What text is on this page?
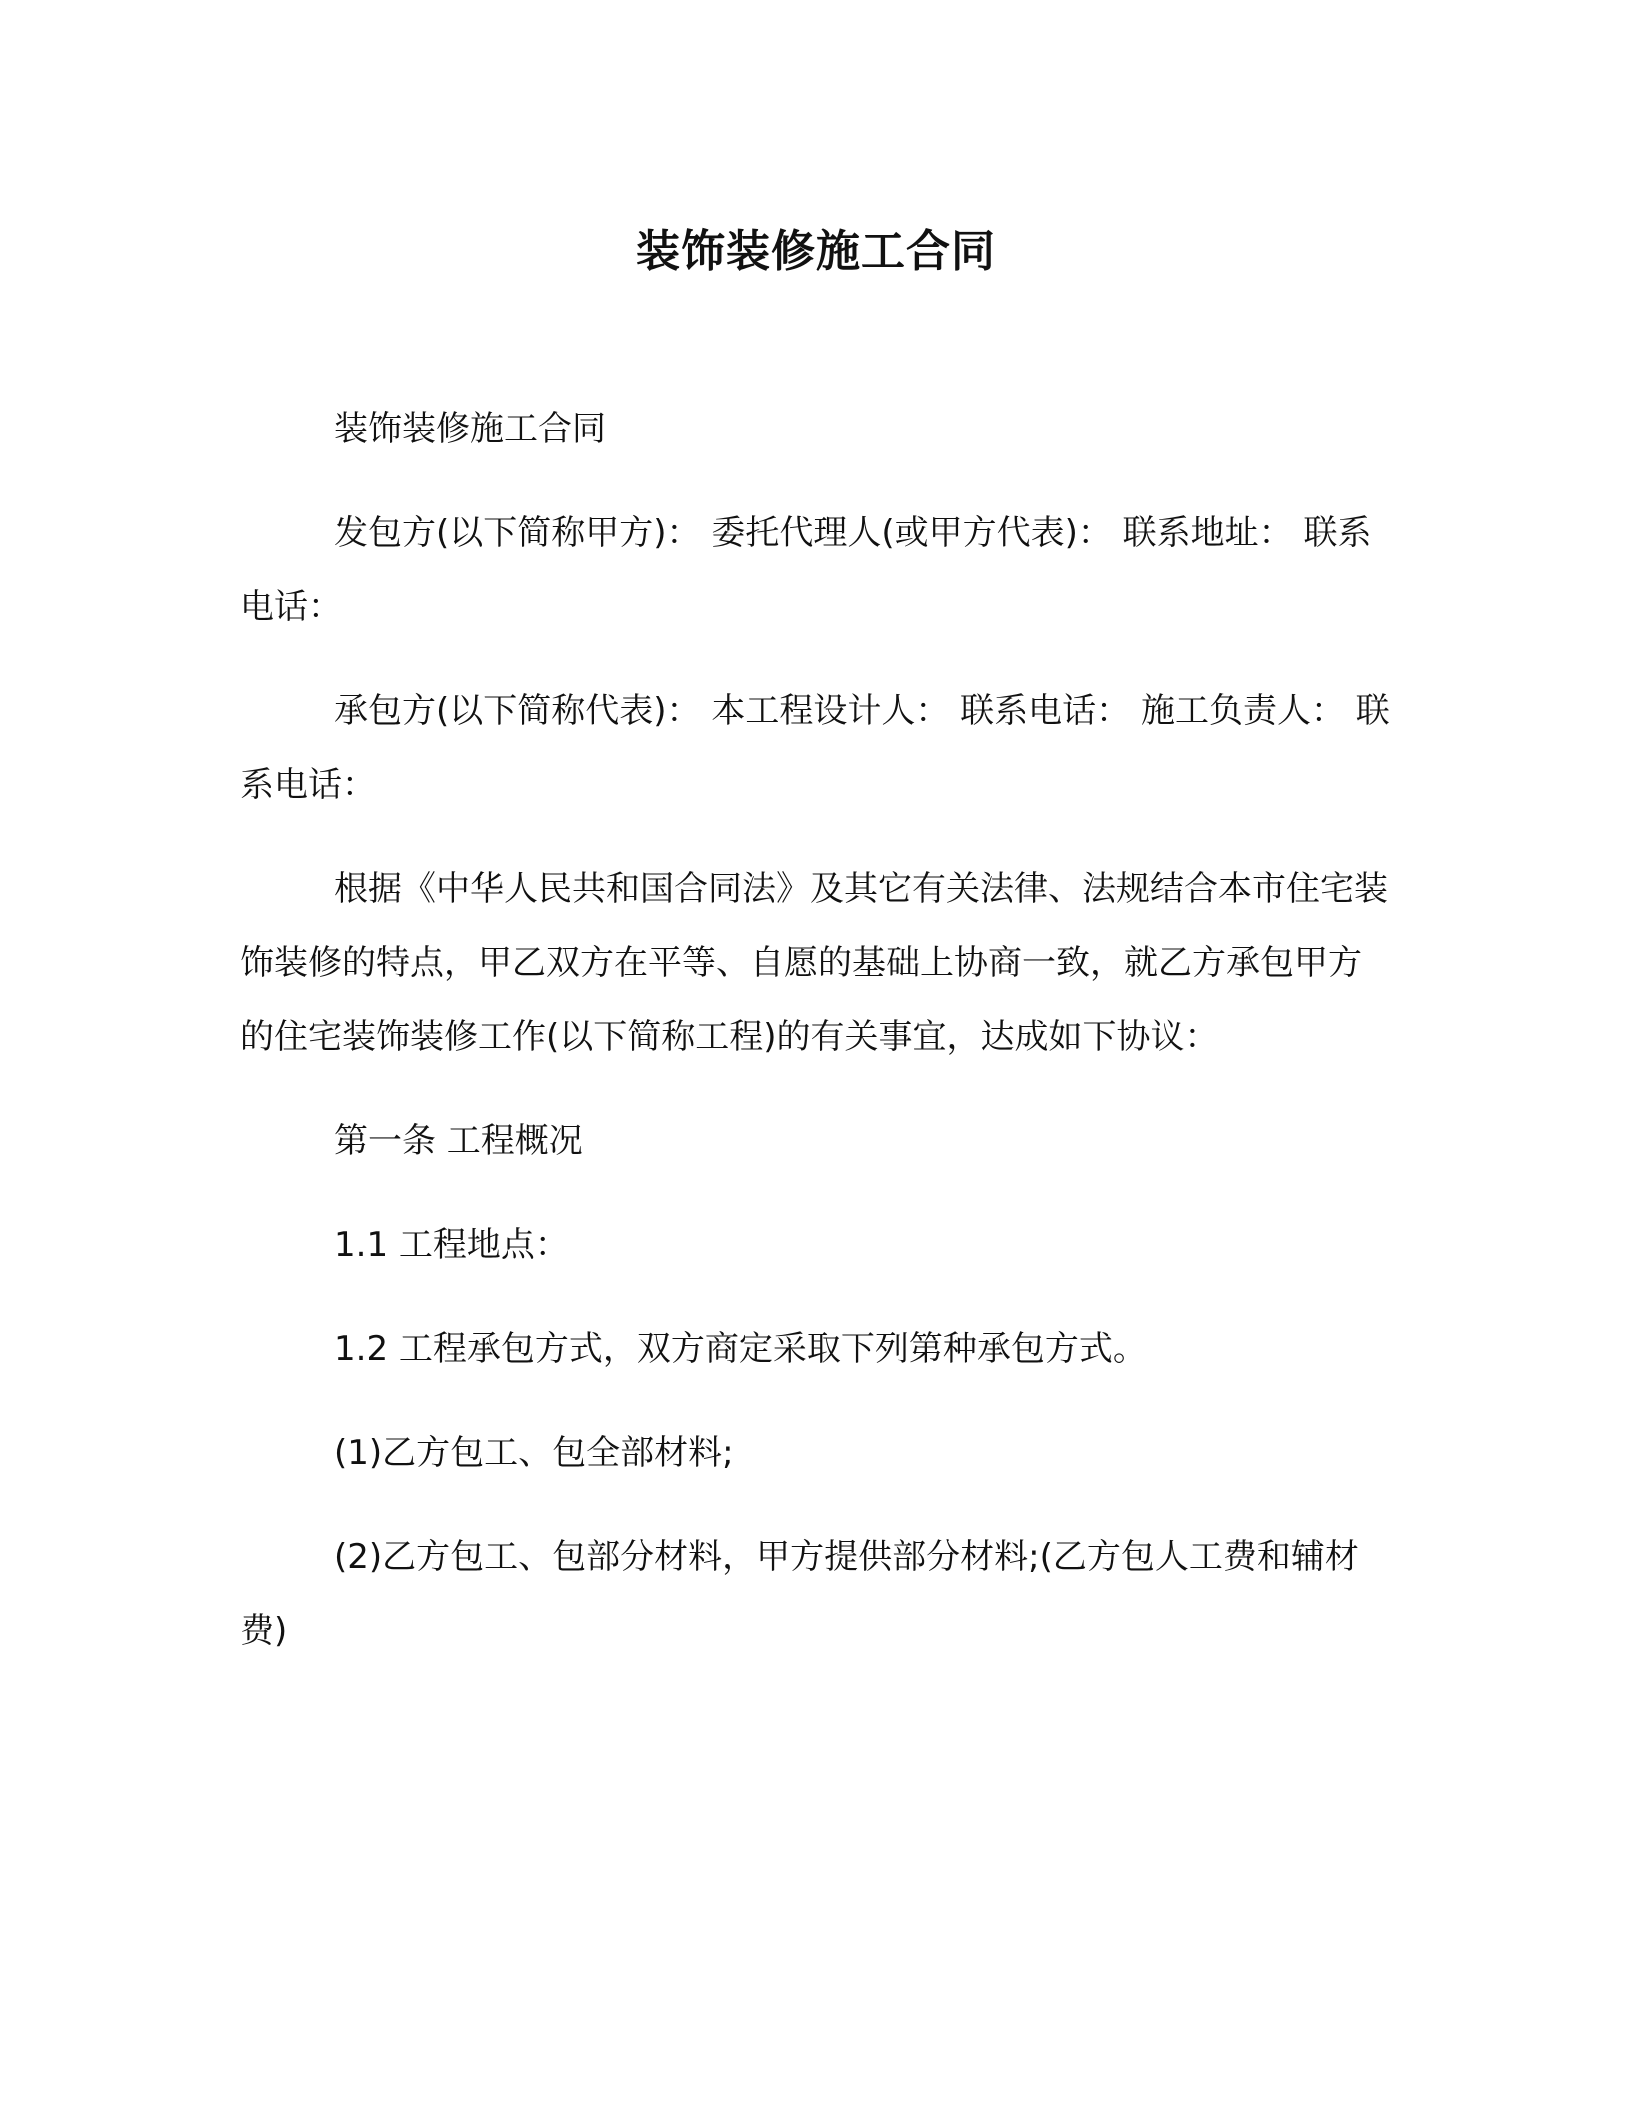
装饰装修施工合同

装饰装修施工合同

发包方(以下简称甲方)： 委托代理人(或甲方代表)： 联系地址： 联系电话：

承包方(以下简称代表)： 本工程设计人： 联系电话： 施工负责人： 联系电话：

根据《中华人民共和国合同法》及其它有关法律、法规结合本市住宅装饰装修的特点，甲乙双方在平等、自愿的基础上协商一致，就乙方承包甲方的住宅装饰装修工作(以下简称工程)的有关事宜，达成如下协议：

第一条 工程概况

1.1 工程地点：

1.2 工程承包方式，双方商定采取下列第种承包方式。

(1)乙方包工、包全部材料;

(2)乙方包工、包部分材料，甲方提供部分材料;(乙方包人工费和辅材费)
